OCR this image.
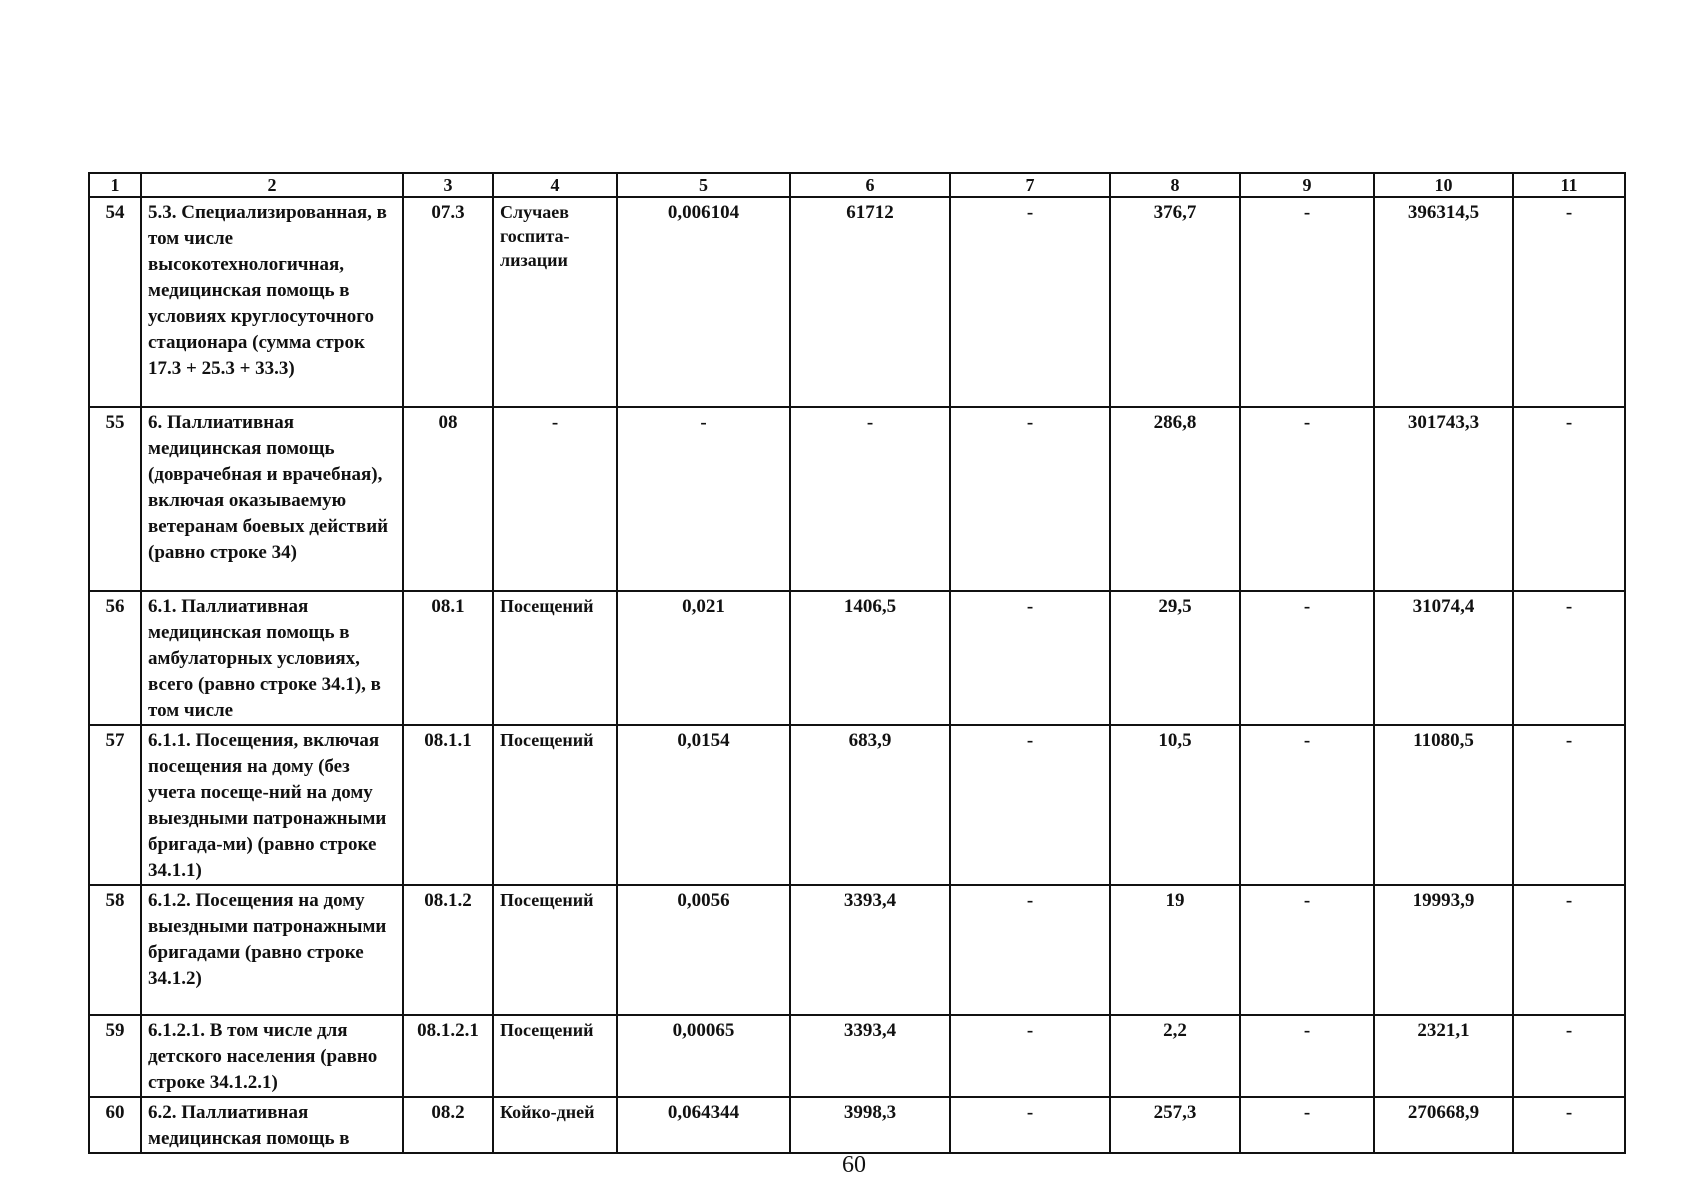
1	2	3	4	5	6	7	8	9	10	11
54	5.3. Специализированная, в том числе высокотехнологичная, медицинская помощь в условиях круглосуточного стационара (сумма строк 17.3 + 25.3 + 33.3)	07.3	Случаев госпита-лизации	0,006104	61712	-	376,7	-	396314,5	-
55	6. Паллиативная медицинская помощь (доврачебная и врачебная), включая оказываемую ветеранам боевых действий (равно строке 34)	08	-	-	-	-	286,8	-	301743,3	-
56	6.1. Паллиативная медицинская помощь в амбулаторных условиях, всего (равно строке 34.1), в том числе	08.1	Посещений	0,021	1406,5	-	29,5	-	31074,4	-
57	6.1.1. Посещения, включая посещения на дому (без учета посеще-ний на дому выездными патронажными бригада-ми) (равно строке 34.1.1)	08.1.1	Посещений	0,0154	683,9	-	10,5	-	11080,5	-
58	6.1.2. Посещения на дому выездными патронажными бригадами (равно строке 34.1.2)	08.1.2	Посещений	0,0056	3393,4	-	19	-	19993,9	-
59	6.1.2.1. В том числе для детского населения (равно строке 34.1.2.1)	08.1.2.1	Посещений	0,00065	3393,4	-	2,2	-	2321,1	-
60	6.2. Паллиативная медицинская помощь в	08.2	Койко-дней	0,064344	3998,3	-	257,3	-	270668,9	-
60
